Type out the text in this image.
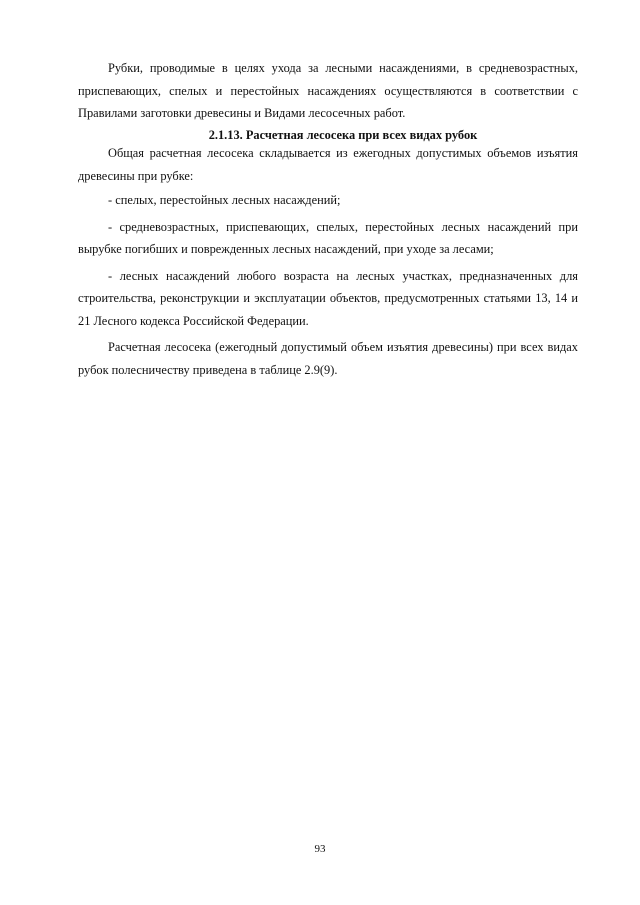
Рубки, проводимые в целях ухода за лесными насаждениями, в средневозрастных, приспевающих, спелых и перестойных насаждениях осуществляются в соответствии с Правилами заготовки древесины и Видами лесосечных работ.

2.1.13. Расчетная лесосека при всех видах рубок

Общая расчетная лесосека складывается из ежегодных допустимых объемов изъятия древесины при рубке:

- спелых, перестойных лесных насаждений;

- средневозрастных, приспевающих, спелых, перестойных лесных насаждений при вырубке погибших и поврежденных лесных насаждений, при уходе за лесами;

- лесных насаждений любого возраста на лесных участках, предназначенных для строительства, реконструкции и эксплуатации объектов, предусмотренных статьями 13, 14 и 21 Лесного кодекса Российской Федерации.

Расчетная лесосека (ежегодный допустимый объем изъятия древесины) при всех видах рубок полесничеству приведена в таблице 2.9(9).

93
